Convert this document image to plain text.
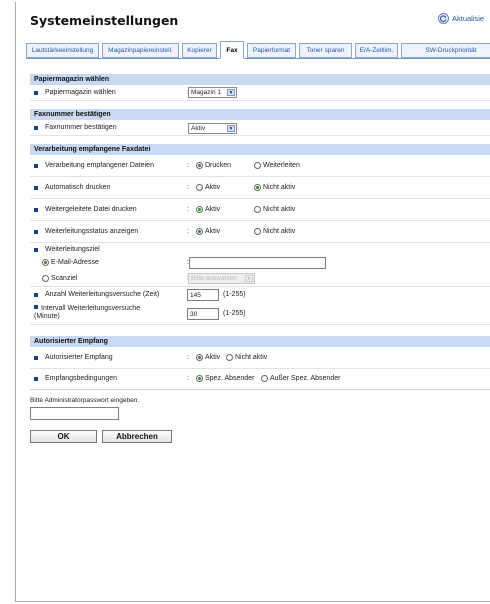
Systemeinstellungen	Aktualisie
Lautstärkeeinstellung	Magazinpapiereinstell.	Kopierer	Fax	Papierformat	Toner sparen	E/A-Zeitlim.	SW-Druckpriorität
Papiermagazin wählen
Papiermagazin wählen	Magazin 1	▼
Faxnummer bestätigen
Faxnummer bestätigen	Aktiv	▼
Verarbeitung empfangene Faxdatei
Verarbeitung empfangener Dateien	: Drucken	Weiterleiten
Automatisch drucken	: Aktiv	Nicht aktiv
Weitergeleitete Datei drucken	: Aktiv	Nicht aktiv
Weiterleitungsstatus anzeigen	: Aktiv	Nicht aktiv
Weiterleitungsziel
E-Mail-Adresse	:
Scanziel	Bitte auswählen	▼
Anzahl Weiterleitungsversuche (Zeit)	145	(1-255)
Intervall Weiterleitungsversuche (Minute)	30	(1-255)
Autorisierter Empfang
Autorisierter Empfang	: Aktiv Nicht aktiv
Empfangsbedingungen	: Spez. Absender Außer Spez. Absender
Bitte Administratorpasswort eingeben.
OK	Abbrechen
